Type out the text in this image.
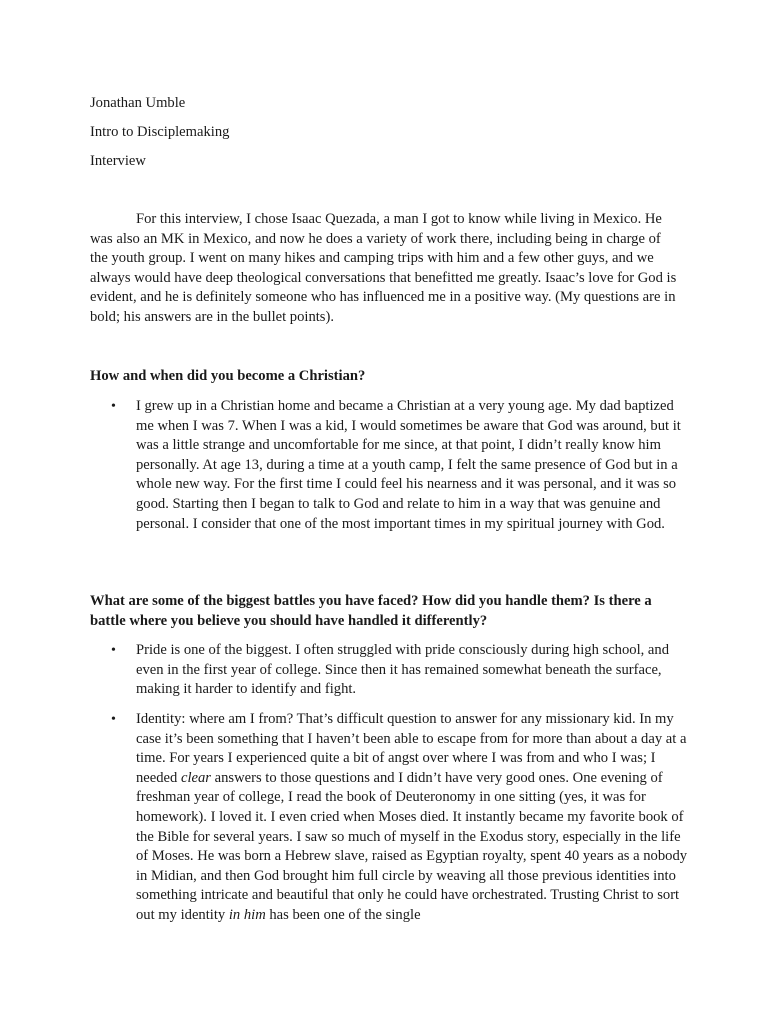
Jonathan Umble

Intro to Disciplemaking

Interview

For this interview, I chose Isaac Quezada, a man I got to know while living in Mexico. He was also an MK in Mexico, and now he does a variety of work there, including being in charge of the youth group. I went on many hikes and camping trips with him and a few other guys, and we always would have deep theological conversations that benefitted me greatly. Isaac’s love for God is evident, and he is definitely someone who has influenced me in a positive way. (My questions are in bold; his answers are in the bullet points).

How and when did you become a Christian?

• I grew up in a Christian home and became a Christian at a very young age. My dad baptized me when I was 7. When I was a kid, I would sometimes be aware that God was around, but it was a little strange and uncomfortable for me since, at that point, I didn’t really know him personally. At age 13, during a time at a youth camp, I felt the same presence of God but in a whole new way. For the first time I could feel his nearness and it was personal, and it was so good. Starting then I began to talk to God and relate to him in a way that was genuine and personal. I consider that one of the most important times in my spiritual journey with God.

What are some of the biggest battles you have faced? How did you handle them? Is there a battle where you believe you should have handled it differently?

• Pride is one of the biggest. I often struggled with pride consciously during high school, and even in the first year of college. Since then it has remained somewhat beneath the surface, making it harder to identify and fight.

• Identity: where am I from? That’s difficult question to answer for any missionary kid. In my case it’s been something that I haven’t been able to escape from for more than about a day at a time. For years I experienced quite a bit of angst over where I was from and who I was; I needed clear answers to those questions and I didn’t have very good ones. One evening of freshman year of college, I read the book of Deuteronomy in one sitting (yes, it was for homework). I loved it. I even cried when Moses died. It instantly became my favorite book of the Bible for several years. I saw so much of myself in the Exodus story, especially in the life of Moses. He was born a Hebrew slave, raised as Egyptian royalty, spent 40 years as a nobody in Midian, and then God brought him full circle by weaving all those previous identities into something intricate and beautiful that only he could have orchestrated. Trusting Christ to sort out my identity in him has been one of the single
